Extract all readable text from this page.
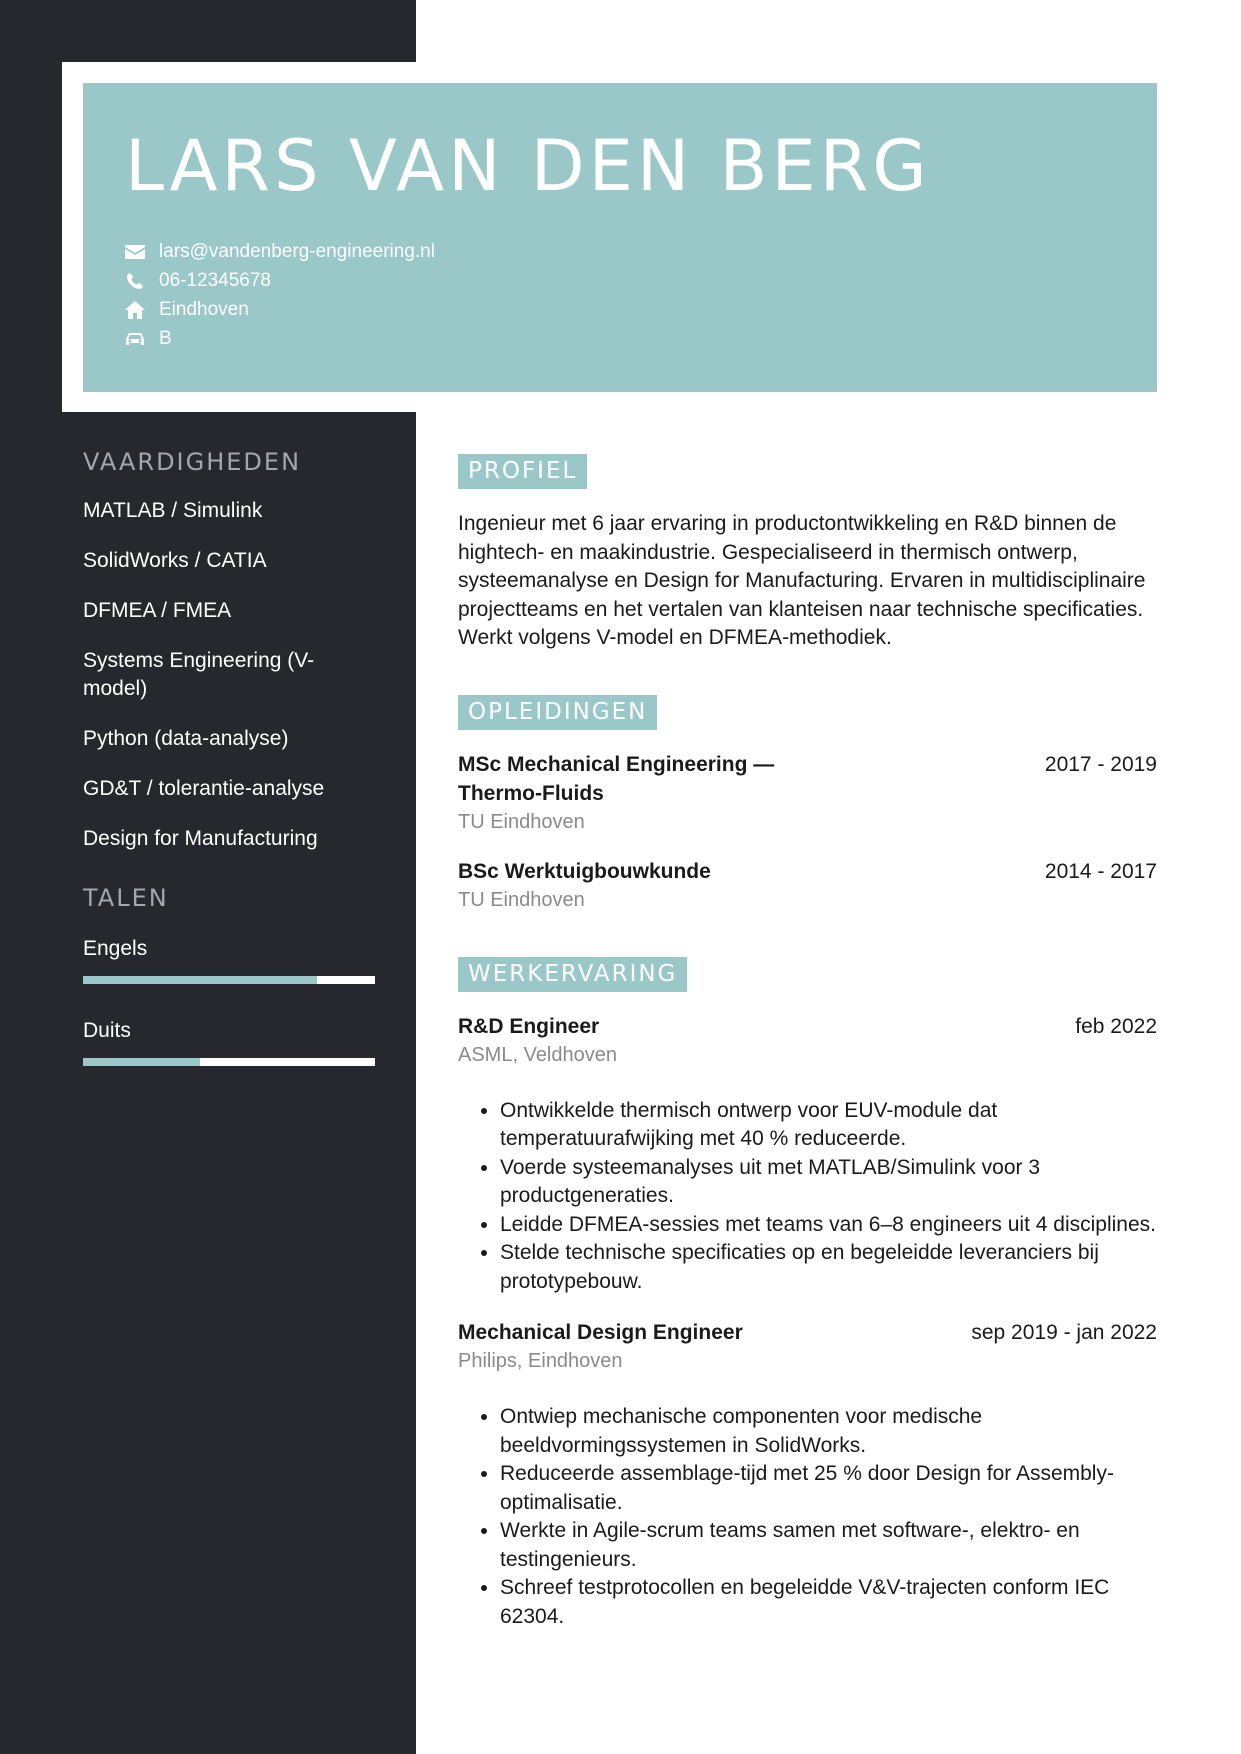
LARS VAN DEN BERG
lars@vandenberg-engineering.nl
06-12345678
Eindhoven
B
VAARDIGHEDEN
MATLAB / Simulink
SolidWorks / CATIA
DFMEA / FMEA
Systems Engineering (V-model)
Python (data-analyse)
GD&T / tolerantie-analyse
Design for Manufacturing
TALEN
Engels
Duits
PROFIEL

Ingenieur met 6 jaar ervaring in productontwikkeling en R&D binnen de hightech- en maakindustrie. Gespecialiseerd in thermisch ontwerp, systeemanalyse en Design for Manufacturing. Ervaren in multidisciplinaire projectteams en het vertalen van klanteisen naar technische specificaties. Werkt volgens V-model en DFMEA-methodiek.

OPLEIDINGEN
MSc Mechanical Engineering — Thermo-Fluids
2017 - 2019
TU Eindhoven
BSc Werktuigbouwkunde	2014 - 2017
TU Eindhoven
WERKERVARING
R&D Engineer	feb 2022
ASML, Veldhoven
• Ontwikkelde thermisch ontwerp voor EUV-module dat temperatuurafwijking met 40 % reduceerde.
• Voerde systeemanalyses uit met MATLAB/Simulink voor 3 productgeneraties.
• Leidde DFMEA-sessies met teams van 6–8 engineers uit 4 disciplines.
• Stelde technische specificaties op en begeleidde leveranciers bij prototypebouw.
Mechanical Design Engineer	sep 2019 - jan 2022
Philips, Eindhoven
• Ontwiep mechanische componenten voor medische beeldvormingssystemen in SolidWorks.
• Reduceerde assemblage-tijd met 25 % door Design for Assembly-optimalisatie.
• Werkte in Agile-scrum teams samen met software-, elektro- en testingenieurs.
• Schreef testprotocollen en begeleidde V&V-trajecten conform IEC 62304.
